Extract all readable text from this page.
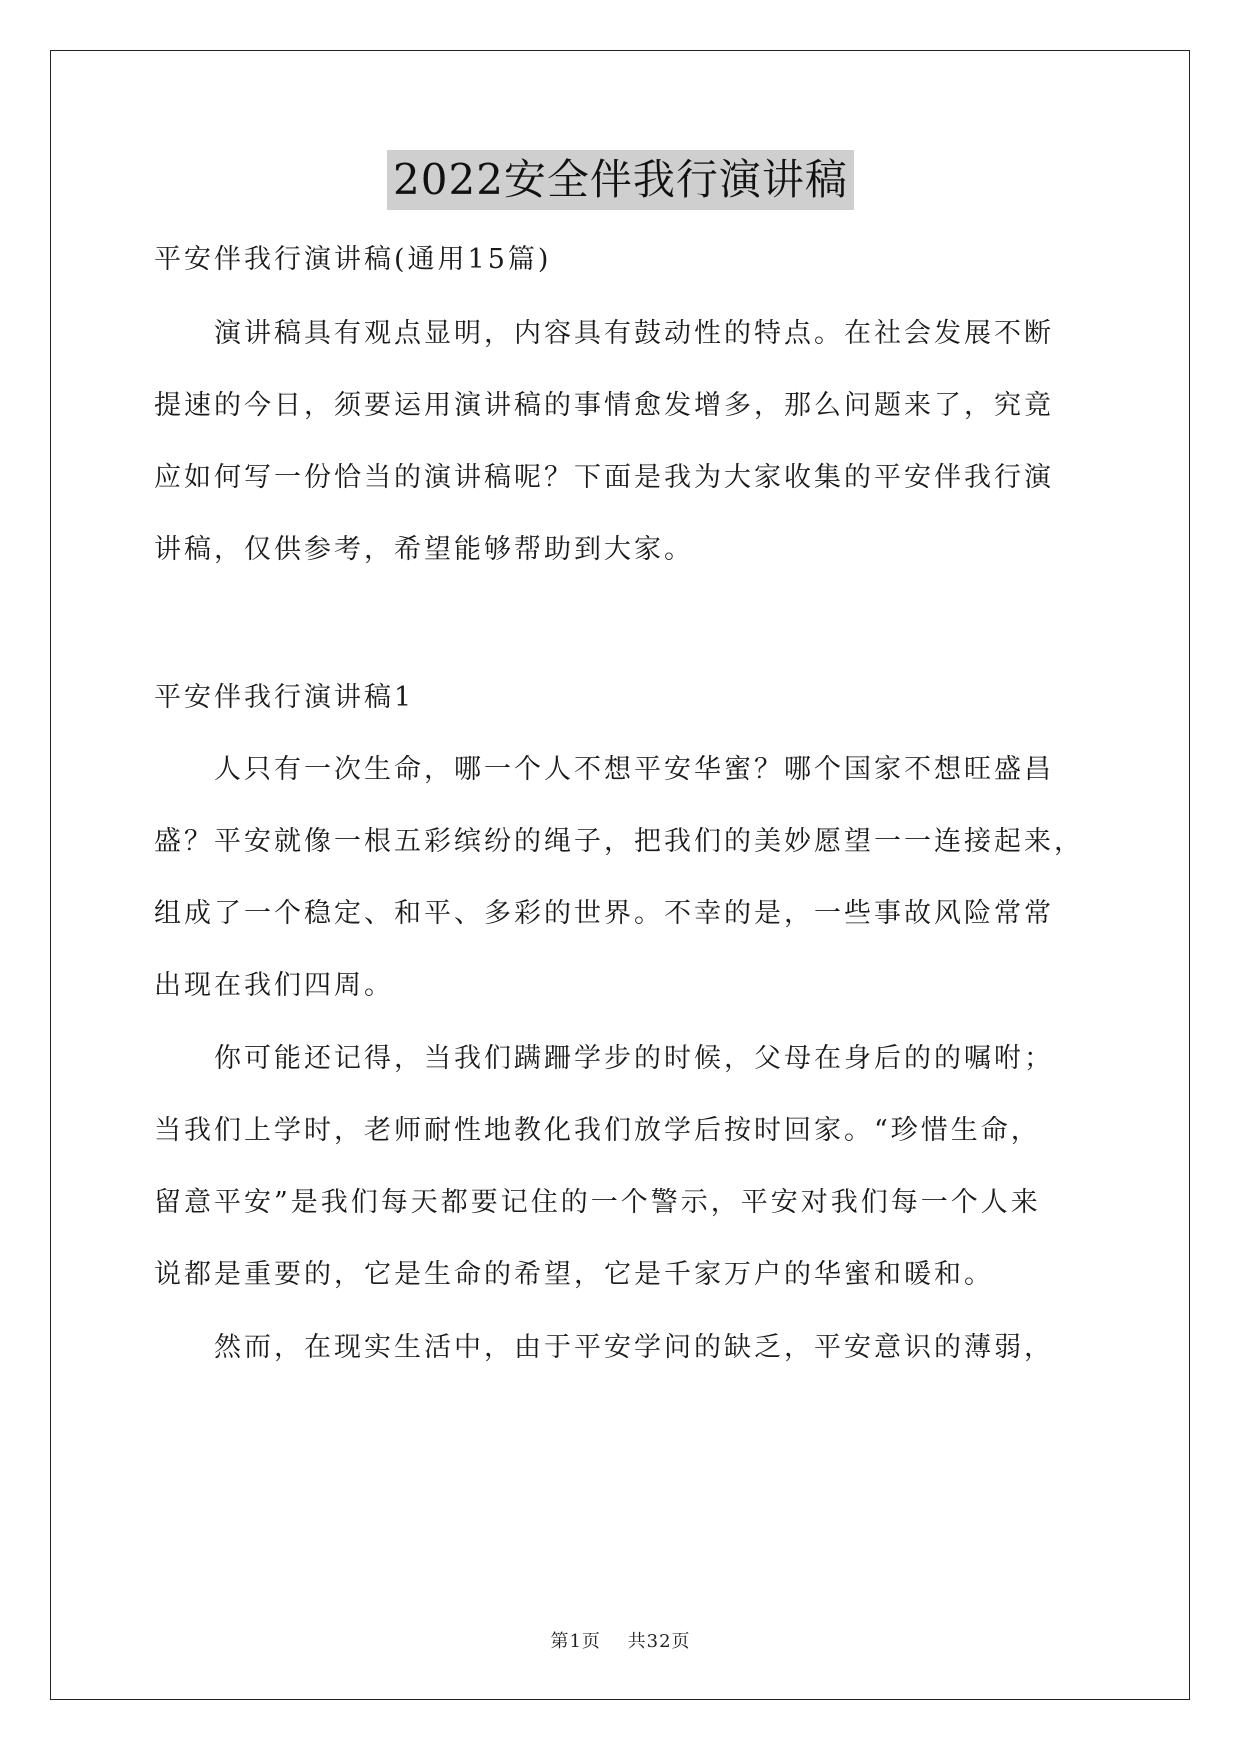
2022安全伴我行演讲稿
平安伴我行演讲稿(通用15篇)
演讲稿具有观点显明，内容具有鼓动性的特点。在社会发展不断
提速的今日，须要运用演讲稿的事情愈发增多，那么问题来了，究竟
应如何写一份恰当的演讲稿呢？下面是我为大家收集的平安伴我行演
讲稿，仅供参考，希望能够帮助到大家。
平安伴我行演讲稿1
人只有一次生命，哪一个人不想平安华蜜？哪个国家不想旺盛昌
盛？平安就像一根五彩缤纷的绳子，把我们的美妙愿望一一连接起来，
组成了一个稳定、和平、多彩的世界。不幸的是，一些事故风险常常
出现在我们四周。
你可能还记得，当我们蹒跚学步的时候，父母在身后的的嘱咐；
当我们上学时，老师耐性地教化我们放学后按时回家。“珍惜生命，
留意平安”是我们每天都要记住的一个警示，平安对我们每一个人来
说都是重要的，它是生命的希望，它是千家万户的华蜜和暖和。
然而，在现实生活中，由于平安学问的缺乏，平安意识的薄弱，
第1页 共32页
